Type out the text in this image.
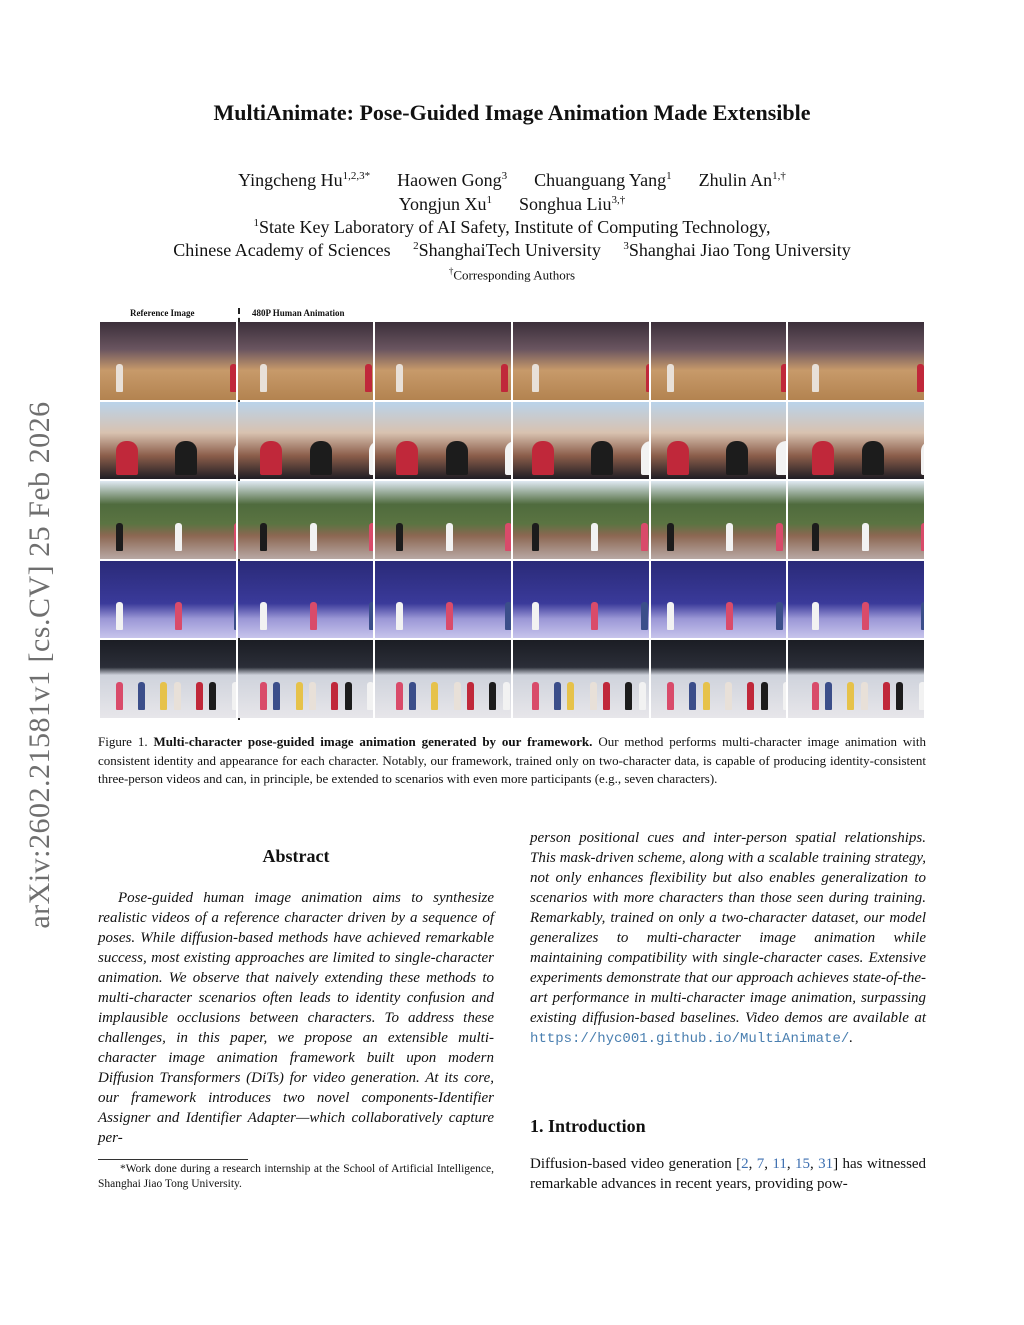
MultiAnimate: Pose-Guided Image Animation Made Extensible
Yingcheng $Hu^{1,2,3*}$ Haowen Gong$^3$ Chuanguang Yang$^1$ Zhulin $An^{1,\dagger}$
Yongjun Xu$^1$ Songhua Liu$^{3,\dagger}$
$^1$State Key Laboratory of AI Safety, Institute of Computing Technology,
Chinese Academy of Sciences $^2$ShanghaiTech University $^3$Shanghai Jiao Tong University
†Corresponding Authors
arXiv:2602.21581v1 [cs.CV] 25 Feb 2026
Reference Image	480P Human Animation
Figure 1. Multi-character pose-guided image animation generated by our framework. Our method performs multi-character image animation with consistent identity and appearance for each character. Notably, our framework, trained only on two-character data, is capable of producing identity-consistent three-person videos and can, in principle, be extended to scenarios with even more participants (e.g., seven characters).
Abstract
Pose-guided human image animation aims to synthesize realistic videos of a reference character driven by a sequence of poses. While diffusion-based methods have achieved remarkable success, most existing approaches are limited to single-character animation. We observe that naively extending these methods to multi-character scenarios often leads to identity confusion and implausible occlusions between characters. To address these challenges, in this paper, we propose an extensible multi-character image animation framework built upon modern Diffusion Transformers (DiTs) for video generation. At its core, our framework introduces two novel components-Identifier Assigner and Identifier Adapter—which collaboratively capture per-
person positional cues and inter-person spatial relationships. This mask-driven scheme, along with a scalable training strategy, not only enhances flexibility but also enables generalization to scenarios with more characters than those seen during training. Remarkably, trained on only a two-character dataset, our model generalizes to multi-character image animation while maintaining compatibility with single-character cases. Extensive experiments demonstrate that our approach achieves state-of-the-art performance in multi-character image animation, surpassing existing diffusion-based baselines. Video demos are available at https://hyc001.github.io/MultiAnimate/.
*Work done during a research internship at the School of Artificial Intelligence, Shanghai Jiao Tong University.
1. Introduction
Diffusion-based video generation [2, 7, 11, 15, 31] has witnessed remarkable advances in recent years, providing pow-
